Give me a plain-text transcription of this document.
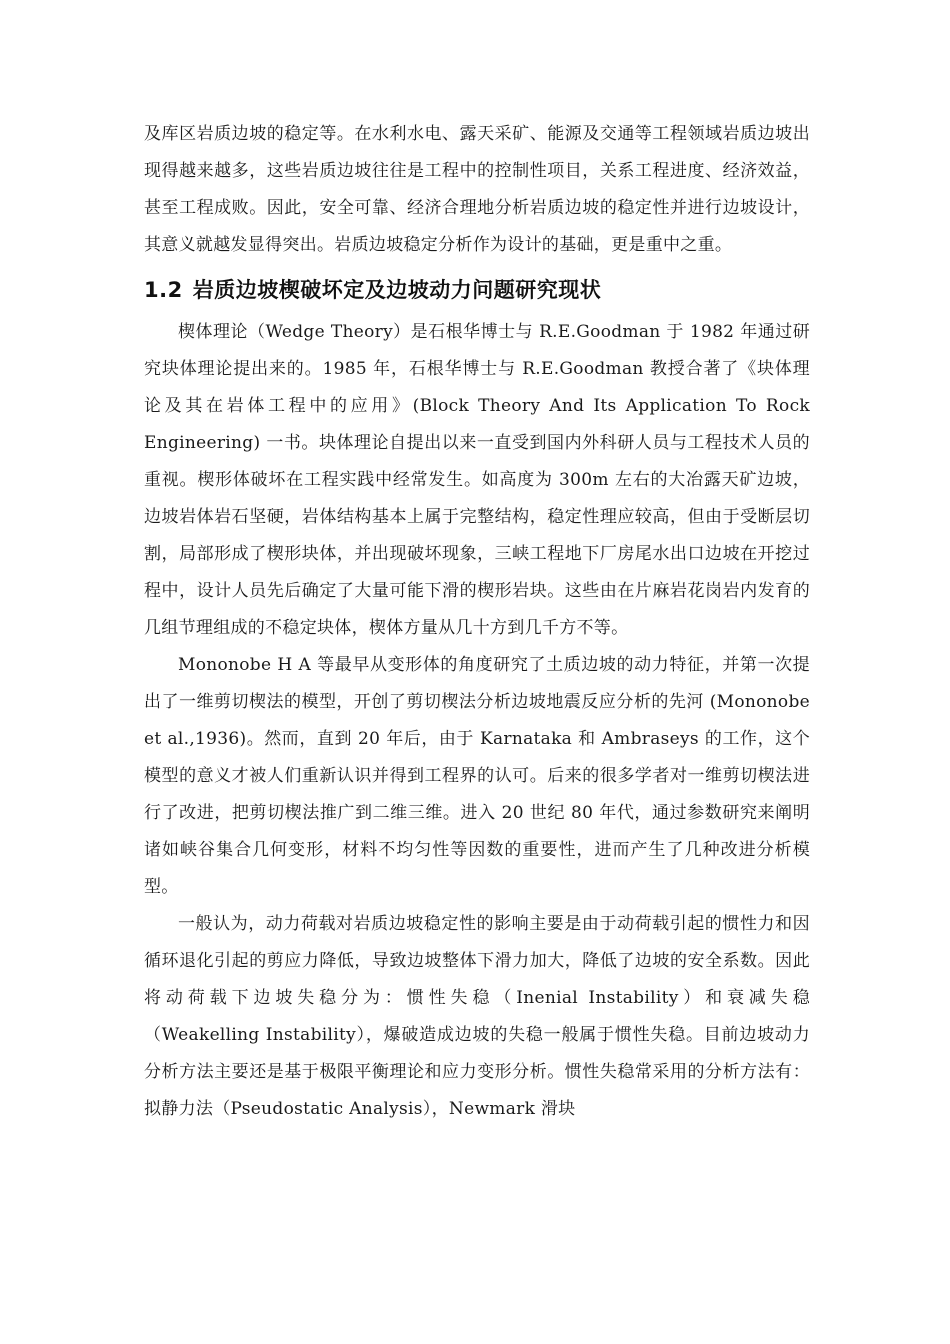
及库区岩质边坡的稳定等。在水利水电、露天采矿、能源及交通等工程领域岩质边坡出现得越来越多，这些岩质边坡往往是工程中的控制性项目，关系工程进度、经济效益，甚至工程成败。因此，安全可靠、经济合理地分析岩质边坡的稳定性并进行边坡设计，其意义就越发显得突出。岩质边坡稳定分析作为设计的基础，更是重中之重。

1.2 岩质边坡楔破坏定及边坡动力问题研究现状

楔体理论（Wedge Theory）是石根华博士与 R.E.Goodman 于 1982 年通过研究块体理论提出来的。1985 年，石根华博士与 R.E.Goodman 教授合著了《块体理论及其在岩体工程中的应用》(Block Theory And Its Application To Rock Engineering) 一书。块体理论自提出以来一直受到国内外科研人员与工程技术人员的重视。楔形体破坏在工程实践中经常发生。如高度为 300m 左右的大冶露天矿边坡，边坡岩体岩石坚硬，岩体结构基本上属于完整结构，稳定性理应较高，但由于受断层切割，局部形成了楔形块体，并出现破坏现象，三峡工程地下厂房尾水出口边坡在开挖过程中，设计人员先后确定了大量可能下滑的楔形岩块。这些由在片麻岩花岗岩内发育的几组节理组成的不稳定块体，楔体方量从几十方到几千方不等。

Mononobe H A 等最早从变形体的角度研究了土质边坡的动力特征，并第一次提出了一维剪切楔法的模型，开创了剪切楔法分析边坡地震反应分析的先河 (Mononobe et al.,1936)。然而，直到 20 年后，由于 Karnataka 和 Ambraseys 的工作，这个模型的意义才被人们重新认识并得到工程界的认可。后来的很多学者对一维剪切楔法进行了改进，把剪切楔法推广到二维三维。进入 20 世纪 80 年代，通过参数研究来阐明诸如峡谷集合几何变形，材料不均匀性等因数的重要性，进而产生了几种改进分析模型。

一般认为，动力荷载对岩质边坡稳定性的影响主要是由于动荷载引起的惯性力和因循环退化引起的剪应力降低，导致边坡整体下滑力加大，降低了边坡的安全系数。因此将动荷载下边坡失稳分为：惯性失稳（Inenial Instability）和衰减失稳（Weakelling Instability），爆破造成边坡的失稳一般属于惯性失稳。目前边坡动力分析方法主要还是基于极限平衡理论和应力变形分析。惯性失稳常采用的分析方法有：拟静力法（Pseudostatic Analysis），Newmark 滑块
